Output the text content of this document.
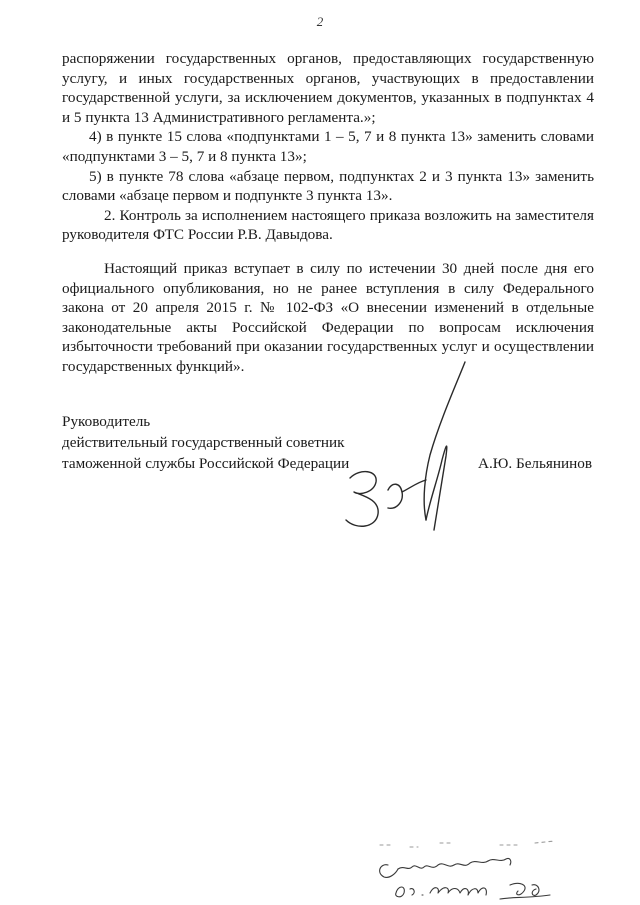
2

распоряжении государственных органов, предоставляющих государственную услугу, и иных государственных органов, участвующих в предоставлении государственной услуги, за исключением документов, указанных в подпунктах 4 и 5 пункта 13 Административного регламента.»;

4) в пункте 15 слова «подпунктами 1 – 5, 7 и 8 пункта 13» заменить словами «подпунктами 3 – 5, 7 и 8 пункта 13»;

5) в пункте 78 слова «абзаце первом, подпунктах 2 и 3 пункта 13» заменить словами «абзаце первом и подпункте 3 пункта 13».

2. Контроль за исполнением настоящего приказа возложить на заместителя руководителя ФТС России Р.В. Давыдова.

Настоящий приказ вступает в силу по истечении 30 дней после дня его официального опубликования, но не ранее вступления в силу Федерального закона от 20 апреля 2015 г. № 102-ФЗ «О внесении изменений в отдельные законодательные акты Российской Федерации по вопросам исключения избыточности требований при оказании государственных услуг и осуществлении государственных функций».

Руководитель
действительный государственный советник
таможенной службы Российской Федерации	А.Ю. Бельянинов
